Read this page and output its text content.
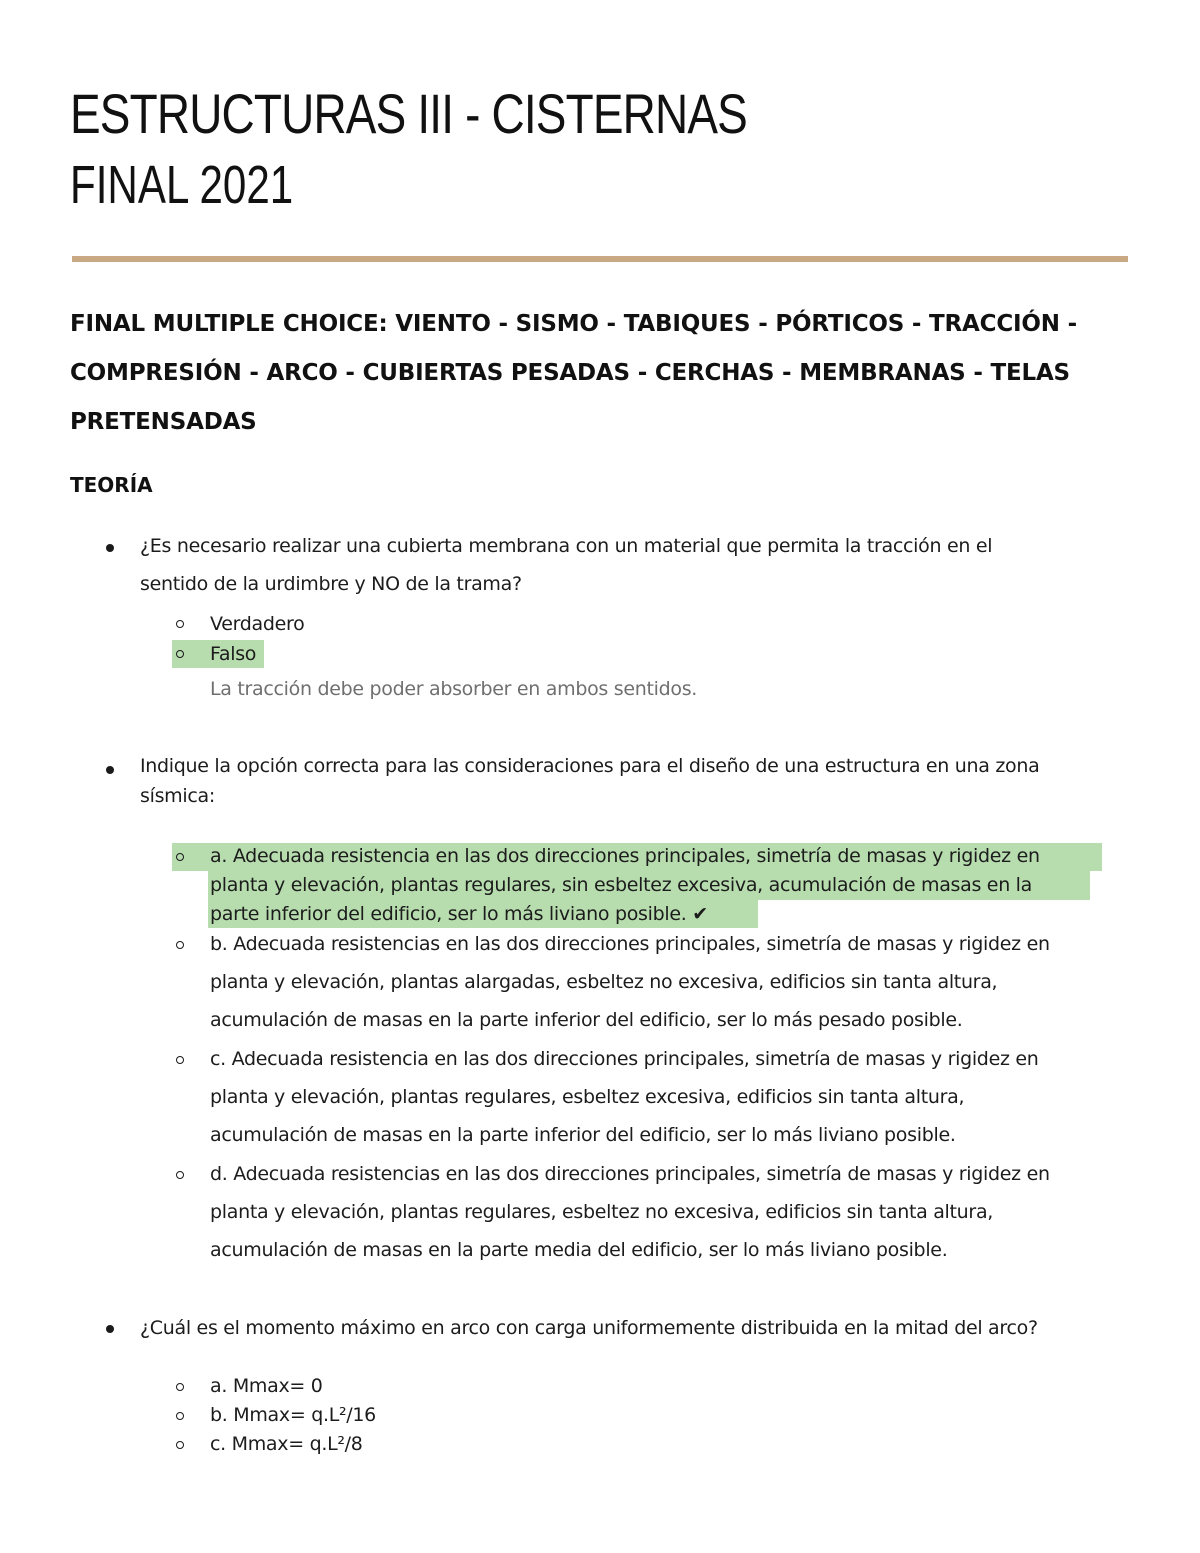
ESTRUCTURAS III - CISTERNAS
FINAL 2021
FINAL MULTIPLE CHOICE: VIENTO - SISMO - TABIQUES - PÓRTICOS - TRACCIÓN -
COMPRESIÓN - ARCO - CUBIERTAS PESADAS - CERCHAS - MEMBRANAS - TELAS
PRETENSADAS
TEORÍA
¿Es necesario realizar una cubierta membrana con un material que permita la tracción en el
sentido de la urdimbre y NO de la trama?
Verdadero
Falso
La tracción debe poder absorber en ambos sentidos.
Indique la opción correcta para las consideraciones para el diseño de una estructura en una zona
sísmica:
a. Adecuada resistencia en las dos direcciones principales, simetría de masas y rigidez en
planta y elevación, plantas regulares, sin esbeltez excesiva, acumulación de masas en la
parte inferior del edificio, ser lo más liviano posible. ✔
b. Adecuada resistencias en las dos direcciones principales, simetría de masas y rigidez en
planta y elevación, plantas alargadas, esbeltez no excesiva, edificios sin tanta altura,
acumulación de masas en la parte inferior del edificio, ser lo más pesado posible.
c. Adecuada resistencia en las dos direcciones principales, simetría de masas y rigidez en
planta y elevación, plantas regulares, esbeltez excesiva, edificios sin tanta altura,
acumulación de masas en la parte inferior del edificio, ser lo más liviano posible.
d. Adecuada resistencias en las dos direcciones principales, simetría de masas y rigidez en
planta y elevación, plantas regulares, esbeltez no excesiva, edificios sin tanta altura,
acumulación de masas en la parte media del edificio, ser lo más liviano posible.
¿Cuál es el momento máximo en arco con carga uniformemente distribuida en la mitad del arco?
a. Mmax= 0
b. Mmax= q.L²/16
c. Mmax= q.L²/8
